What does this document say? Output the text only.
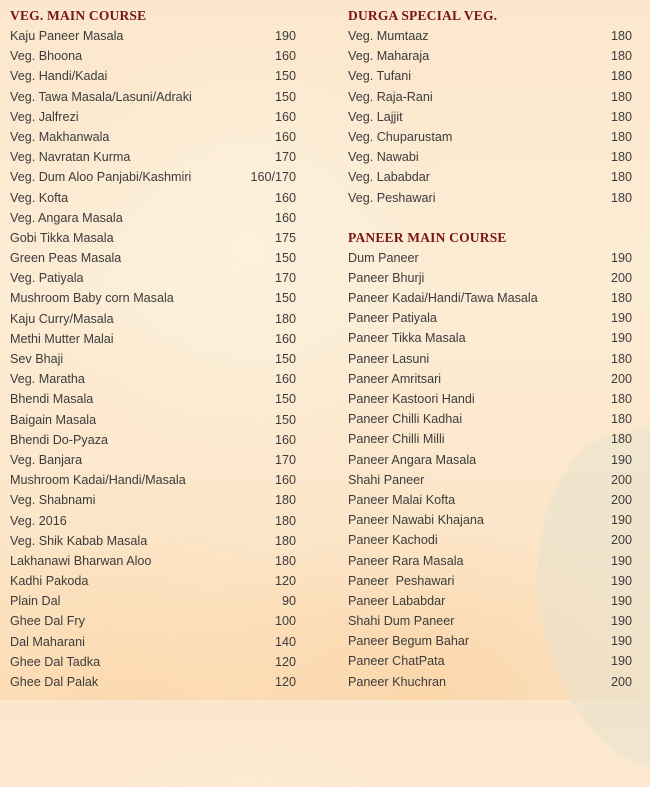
VEG. MAIN COURSE
Kaju Paneer Masala	190
Veg. Bhoona	160
Veg. Handi/Kadai	150
Veg. Tawa Masala/Lasuni/Adraki	150
Veg. Jalfrezi	160
Veg. Makhanwala	160
Veg. Navratan Kurma	170
Veg. Dum Aloo Panjabi/Kashmiri	160/170
Veg. Kofta	160
Veg. Angara Masala	160
Gobi Tikka Masala	175
Green Peas Masala	150
Veg. Patiyala	170
Mushroom Baby corn Masala	150
Kaju Curry/Masala	180
Methi Mutter Malai	160
Sev Bhaji	150
Veg. Maratha	160
Bhendi Masala	150
Baigain Masala	150
Bhendi Do-Pyaza	160
Veg. Banjara	170
Mushroom Kadai/Handi/Masala	160
Veg. Shabnami	180
Veg. 2016	180
Veg. Shik Kabab Masala	180
Lakhanawi Bharwan Aloo	180
Kadhi Pakoda	120
Plain Dal	90
Ghee Dal Fry	100
Dal Maharani	140
Ghee Dal Tadka	120
Ghee Dal Palak	120
DURGA SPECIAL VEG.
Veg. Mumtaaz	180
Veg. Maharaja	180
Veg. Tufani	180
Veg. Raja-Rani	180
Veg. Lajjit	180
Veg. Chuparustam	180
Veg. Nawabi	180
Veg. Lababdar	180
Veg. Peshawari	180
PANEER MAIN COURSE
Dum Paneer	190
Paneer Bhurji	200
Paneer Kadai/Handi/Tawa Masala	180
Paneer Patiyala	190
Paneer Tikka Masala	190
Paneer Lasuni	180
Paneer Amritsari	200
Paneer Kastoori Handi	180
Paneer Chilli Kadhai	180
Paneer Chilli Milli	180
Paneer Angara Masala	190
Shahi Paneer	200
Paneer Malai Kofta	200
Paneer Nawabi Khajana	190
Paneer Kachodi	200
Paneer Rara Masala	190
Paneer  Peshawari	190
Paneer Lababdar	190
Shahi Dum Paneer	190
Paneer Begum Bahar	190
Paneer ChatPata	190
Paneer Khuchran	200
